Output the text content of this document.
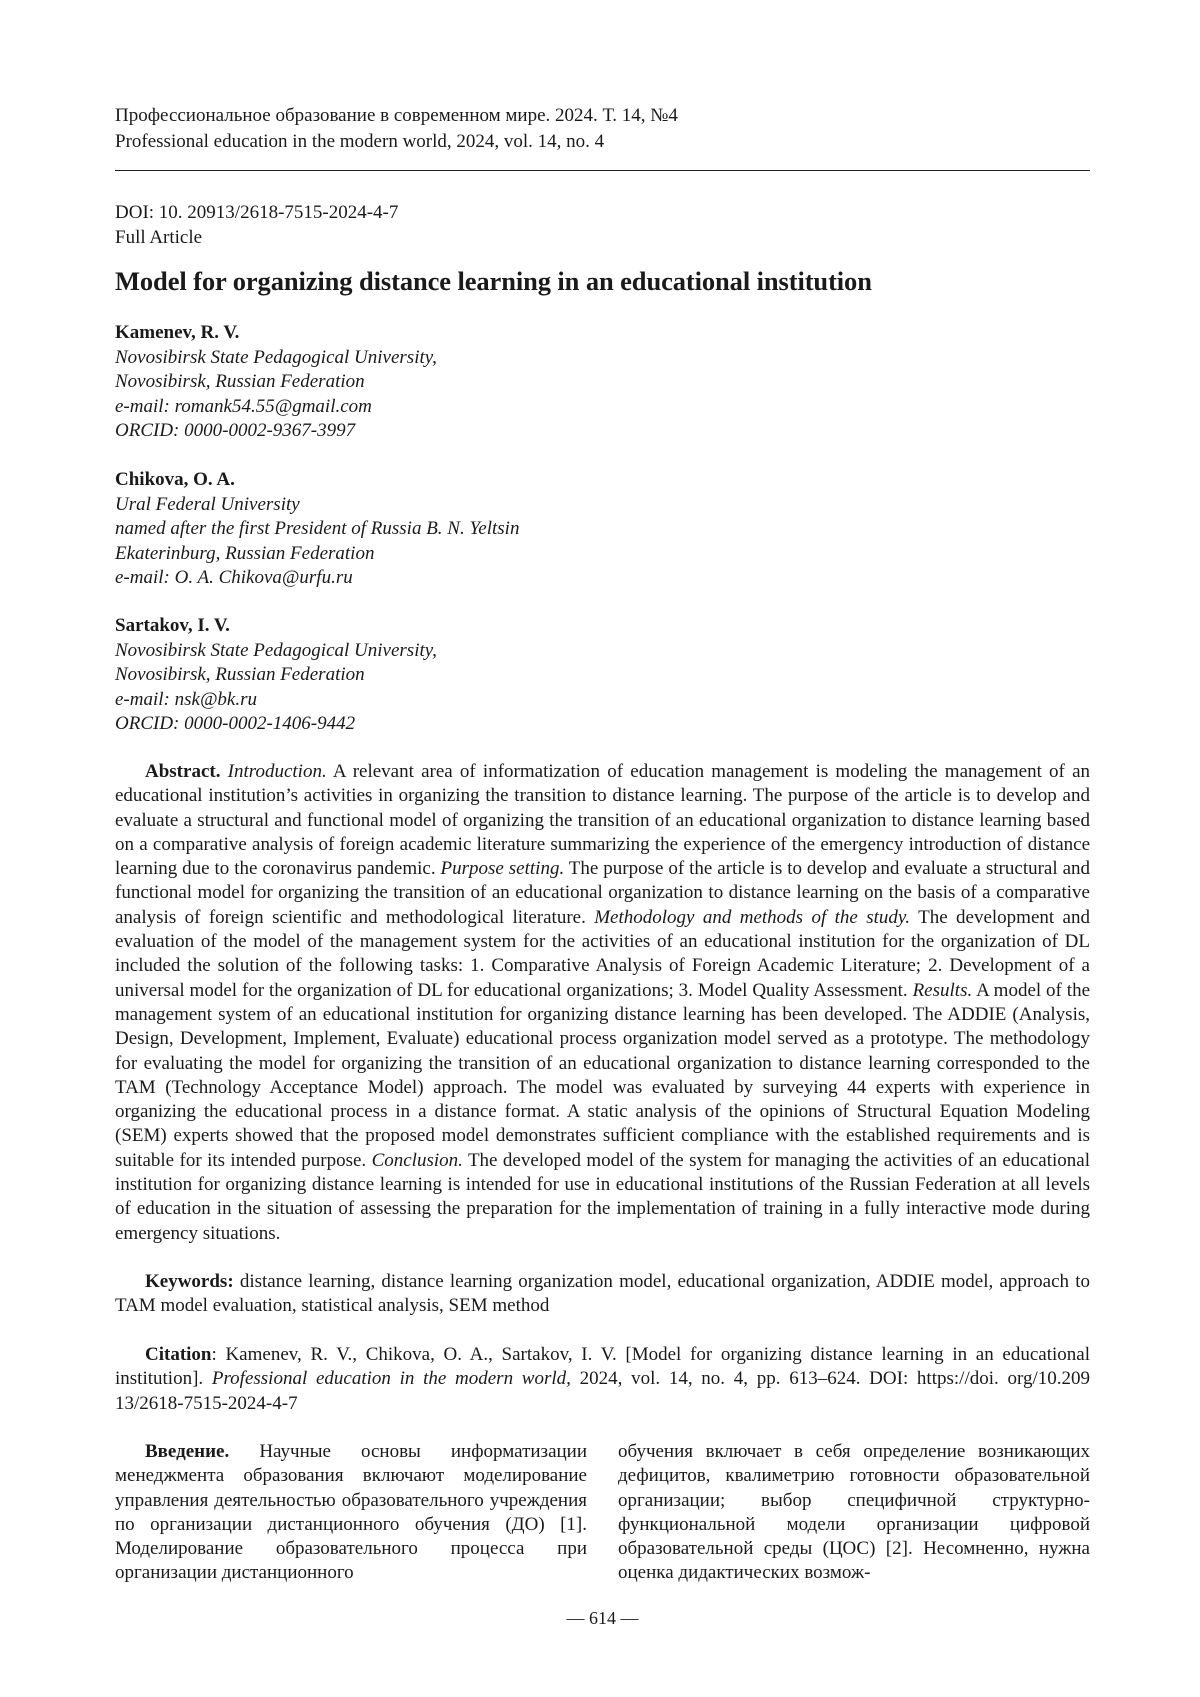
Профессиональное образование в современном мире. 2024. Т. 14, №4
Professional education in the modern world, 2024, vol. 14, no. 4
DOI: 10. 20913/2618-7515-2024-4-7
Full Article
Model for organizing distance learning in an educational institution
Kamenev, R. V.
Novosibirsk State Pedagogical University,
Novosibirsk, Russian Federation
e-mail: romank54.55@gmail.com
ORCID: 0000-0002-9367-3997
Chikova, O. A.
Ural Federal University
named after the first President of Russia B. N. Yeltsin
Ekaterinburg, Russian Federation
e-mail: O. A. Chikova@urfu.ru
Sartakov, I. V.
Novosibirsk State Pedagogical University,
Novosibirsk, Russian Federation
e-mail: nsk@bk.ru
ORCID: 0000-0002-1406-9442
Abstract. Introduction. A relevant area of informatization of education management is modeling the management of an educational institution’s activities in organizing the transition to distance learning. The purpose of the article is to develop and evaluate a structural and functional model of organizing the transition of an educational organization to distance learning based on a comparative analysis of foreign academic literature summarizing the experience of the emergency introduction of distance learning due to the coronavirus pandemic. Purpose setting. The purpose of the article is to develop and evaluate a structural and functional model for organizing the transition of an educational organization to distance learning on the basis of a comparative analysis of foreign scientific and methodological literature. Methodology and methods of the study. The development and evaluation of the model of the management system for the activities of an educational institution for the organization of DL included the solution of the following tasks: 1. Comparative Analysis of Foreign Academic Literature; 2. Development of a universal model for the organization of DL for educational organizations; 3. Model Quality Assessment. Results. A model of the management system of an educational institution for organizing distance learning has been developed. The ADDIE (Analysis, Design, Development, Implement, Evaluate) educational process organization model served as a prototype. The methodology for evaluating the model for organizing the transition of an educational organization to distance learning corresponded to the TAM (Technology Acceptance Model) approach. The model was evaluated by surveying 44 experts with experience in organizing the educational process in a distance format. A static analysis of the opinions of Structural Equation Modeling (SEM) experts showed that the proposed model demonstrates sufficient compliance with the established requirements and is suitable for its intended purpose. Conclusion. The developed model of the system for managing the activities of an educational institution for organizing distance learning is intended for use in educational institutions of the Russian Federation at all levels of education in the situation of assessing the preparation for the implementation of training in a fully interactive mode during emergency situations.
Keywords: distance learning, distance learning organization model, educational organization, ADDIE model, approach to TAM model evaluation, statistical analysis, SEM method
Citation: Kamenev, R. V., Chikova, O. A., Sartakov, I. V. [Model for organizing distance learning in an educational institution]. Professional education in the modern world, 2024, vol. 14, no. 4, pp. 613–624. DOI: https://doi. org/10.209 13/2618-7515-2024-4-7
Введение. Научные основы информатизации менеджмента образования включают моделирование управления деятельностью образовательного учреждения по организации дистанционного обучения (ДО) [1]. Моделирование образовательного процесса при организации дистанционного
обучения включает в себя определение возникающих дефицитов, квалиметрию готовности образовательной организации; выбор специфичной структурно-функциональной модели организации цифровой образовательной среды (ЦОС) [2]. Несомненно, нужна оценка дидактических возмож-
— 614 —
